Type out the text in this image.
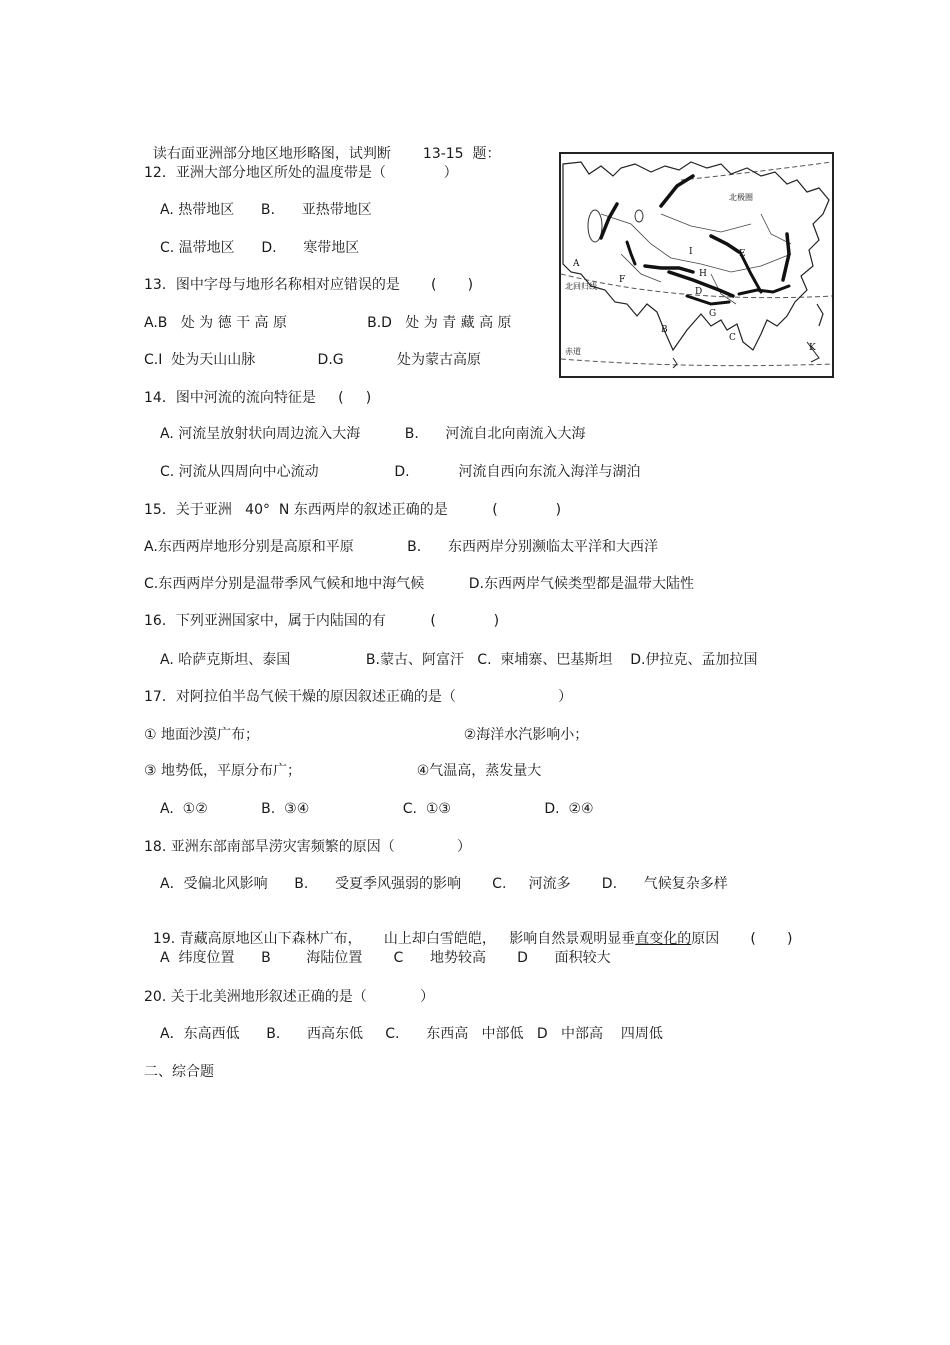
读右面亚洲部分地区地形略图，试判断 13-15  题：

12．亚洲大部分地区所处的温度带是（             ）
A. 热带地区      B.      亚热带地区
C. 温带地区      D.      寒带地区
13．图中字母与地形名称相对应错误的是       (       )
A.B   处 为 德 干 高 原                  B.D   处 为 青 藏 高 原
C.I  处为天山山脉              D.G            处为蒙古高原
14．图中河流的流向特征是     (     )
A. 河流呈放射状向周边流入大海          B.      河流自北向南流入大海
C. 河流从四周向中心流动                 D.           河流自西向东流入海洋与湖泊
15．关于亚洲   40°  N 东西两岸的叙述正确的是          (             )
A.东西两岸地形分别是高原和平原            B.      东西两岸分别濒临太平洋和大西洋
C.东西两岸分别是温带季风气候和地中海气候          D.东西两岸气候类型都是温带大陆性
16．下列亚洲国家中，属于内陆国的有          (             )
A. 哈萨克斯坦、泰国                 B.蒙古、阿富汗   C.  柬埔寨、巴基斯坦    D.伊拉克、孟加拉国
17．对阿拉伯半岛气候干燥的原因叙述正确的是（                       ）
① 地面沙漠广布；                                              ②海洋水汽影响小；
③ 地势低，平原分布广；                          ④气温高，蒸发量大
A.  ①②            B.  ③④                     C.  ①③                     D.  ②④
18. 亚洲东部南部旱涝灾害频繁的原因（              ）
A．受偏北风影响      B.      受夏季风强弱的影响       C.     河流多       D.      气候复杂多样

19. 青藏高原地区山下森林广布，     山上却白雪皑皑，   影响自然景观明显垂直变化的原因       (       )

A  纬度位置      B        海陆位置       C      地势较高       D      面积较大
20. 关于北美洲地形叙述正确的是（            ）
A．东高西低      B.      西高东低     C.      东西高   中部低   D   中部高    四周低
二、综合题
A
F
I	E
H
D
G
B
C
K
北极圈
北回归线
赤道
